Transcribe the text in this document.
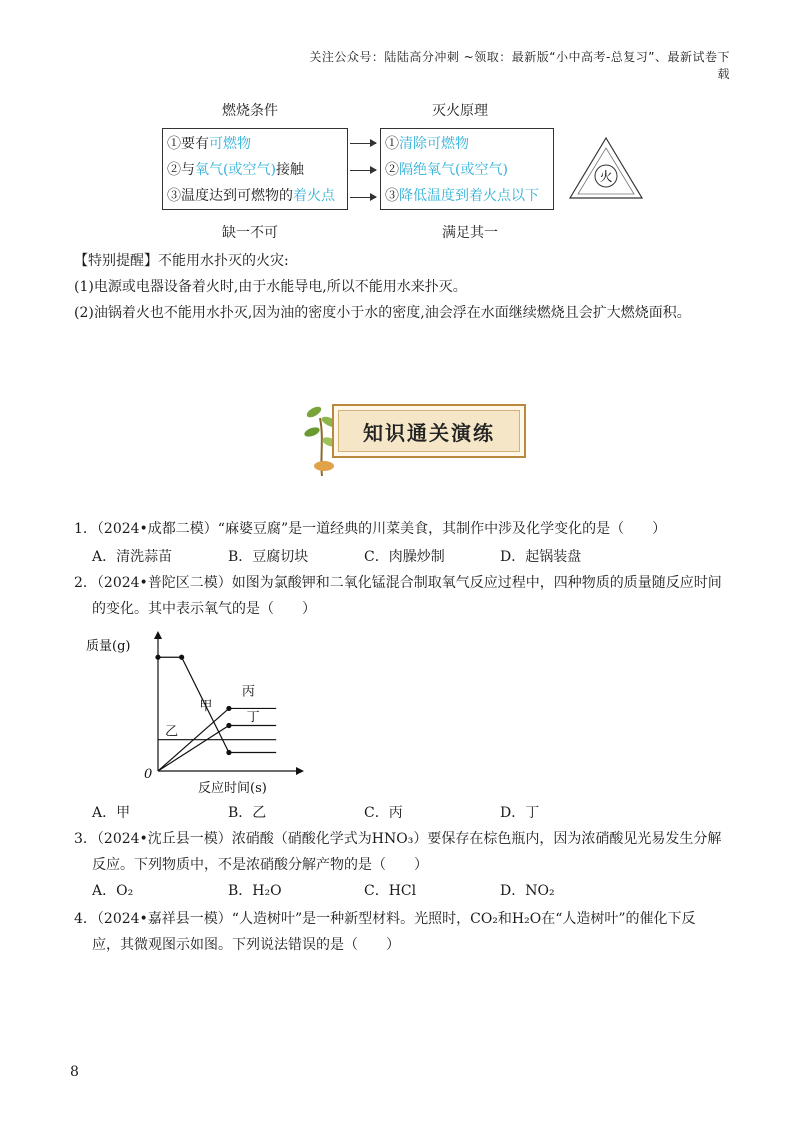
关注公众号：陆陆高分冲刺 ~领取：最新版“小中高考-总复习”、最新试卷下载
燃烧条件	灭火原理
①要有可燃物
②与氧气(或空气)接触
③温度达到可燃物的着火点
①清除可燃物
②隔绝氧气(或空气)
③降低温度到着火点以下
火
缺一不可	满足其一
【特别提醒】不能用水扑灭的火灾:
(1)电源或电器设备着火时,由于水能导电,所以不能用水来扑灭。
(2)油锅着火也不能用水扑灭,因为油的密度小于水的密度,油会浮在水面继续燃烧且会扩大燃烧面积。
知识通关演练
1．（2024•成都二模）“麻婆豆腐”是一道经典的川菜美食，其制作中涉及化学变化的是（　　）
A．清洗蒜苗	B．豆腐切块	C．肉臊炒制	D．起锅装盘
2．（2024•普陀区二模）如图为氯酸钾和二氧化锰混合制取氧气反应过程中，四种物质的质量随反应时间
的变化。其中表示氧气的是（　　）
质量(g)
反应时间(s)
0
甲
乙
丙
丁
A．甲	B．乙	C．丙	D．丁
3．（2024•沈丘县一模）浓硝酸（硝酸化学式为HNO₃）要保存在棕色瓶内，因为浓硝酸见光易发生分解
反应。下列物质中，不是浓硝酸分解产物的是（　　）
A．O₂	B．H₂O	C．HCl	D．NO₂
4．（2024•嘉祥县一模）“人造树叶”是一种新型材料。光照时，CO₂和H₂O在“人造树叶”的催化下反
应，其微观图示如图。下列说法错误的是（　　）
8
